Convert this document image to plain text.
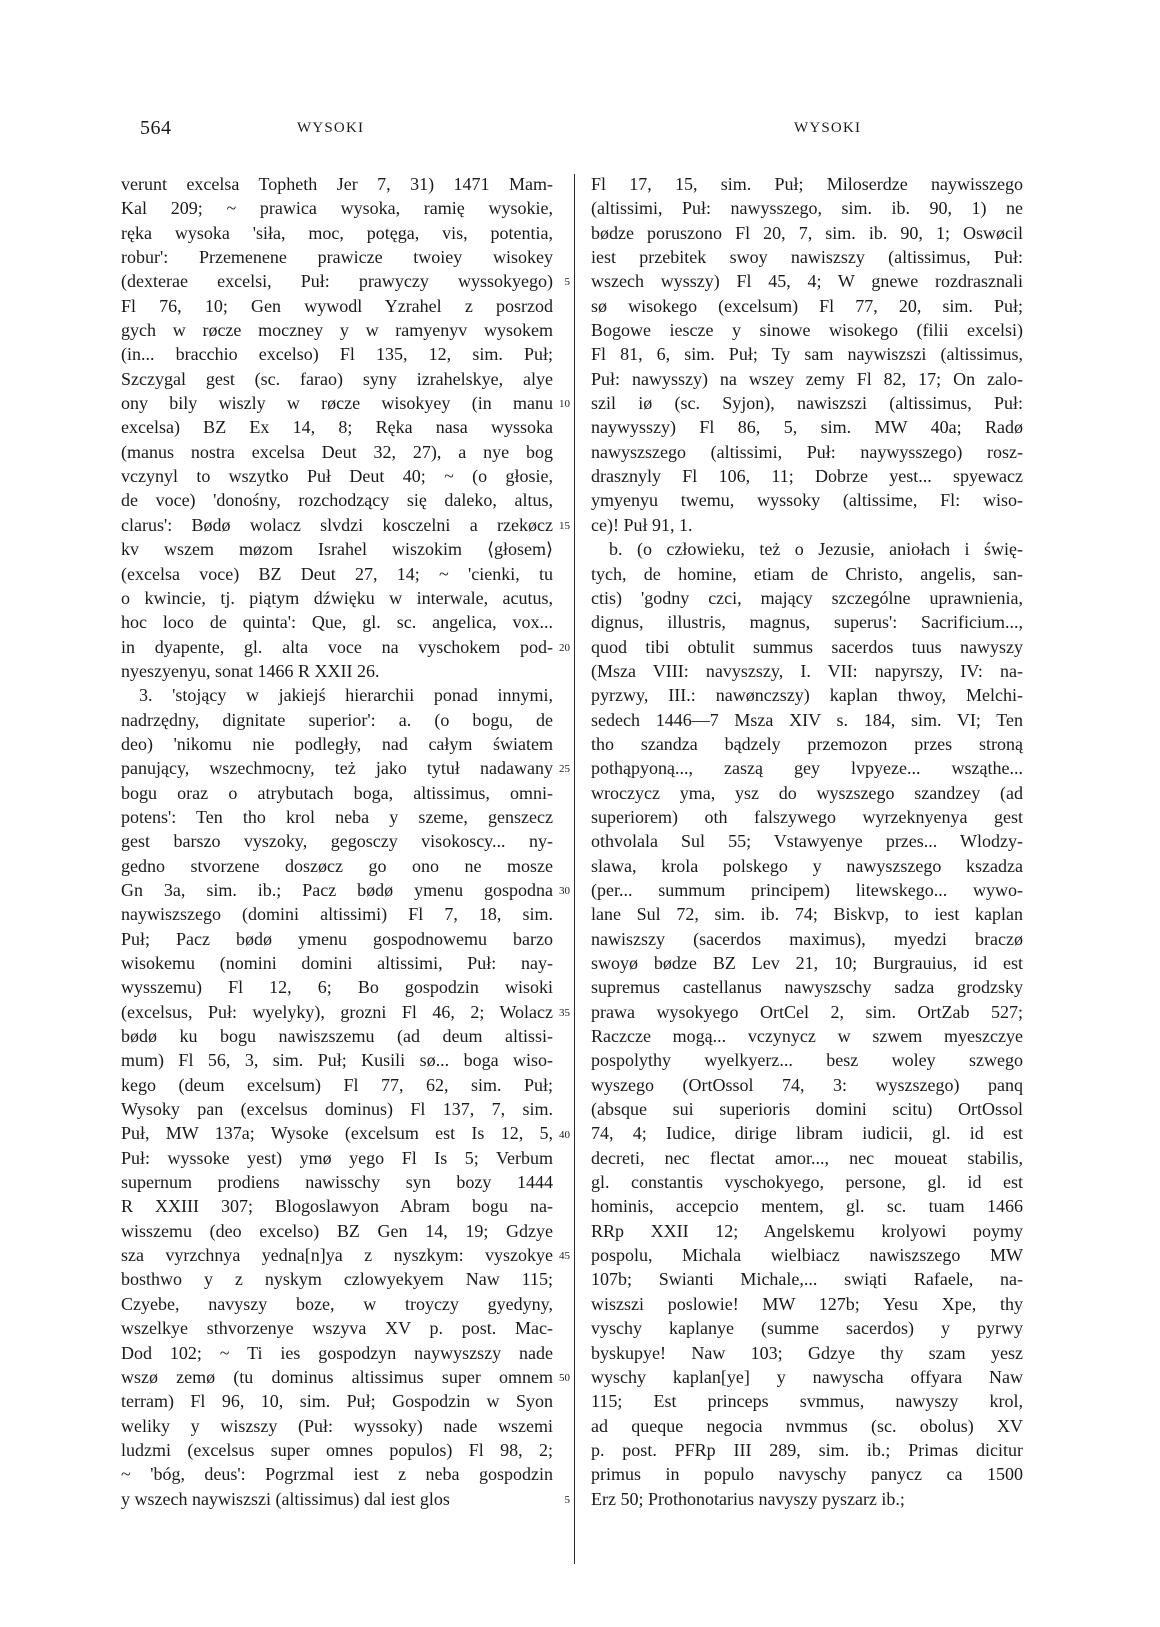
564	WYSOKI	WYSOKI
verunt excelsa Topheth Jer 7, 31) 1471 Mam-
Kal 209; ~ prawica wysoka, ramię wysokie,
ręka wysoka 'siła, moc, potęga, vis, potentia,
robur': Przemenene prawicze twoiey wisokey
(dexterae excelsi, Puł: prawyczy wyssokyego)
Fl 76, 10; Gen wywodl Yzrahel z posrzod
gych w røcze moczney y w ramyenyv wysokem
(in... bracchio excelso) Fl 135, 12, sim. Puł;
Szczygal gest (sc. farao) syny izrahelskye, alye
ony bily wiszly w røcze wisokyey (in manu
excelsa) BZ Ex 14, 8; Ręka nasa wyssoka
(manus nostra excelsa Deut 32, 27), a nye bog
vczynyl to wszytko Puł Deut 40; ~ (o głosie,
de voce) 'donośny, rozchodzący się daleko, altus,
clarus': Bødø wolacz slvdzi kosczelni a rzekøcz
kv wszem møzom Israhel wiszokim ⟨głosem⟩
(excelsa voce) BZ Deut 27, 14; ~ 'cienki, tu
o kwincie, tj. piątym dźwięku w interwale, acutus,
hoc loco de quinta': Que, gl. sc. angelica, vox...
in dyapente, gl. alta voce na vyschokem pod-
nyeszyenyu, sonat 1466 R XXII 26.
3. 'stojący w jakiejś hierarchii ponad innymi,
nadrzędny, dignitate superior': a. (o bogu, de
deo) 'nikomu nie podległy, nad całym światem
panujący, wszechmocny, też jako tytuł nadawany
bogu oraz o atrybutach boga, altissimus, omni-
potens': Ten tho krol neba y szeme, genszecz
gest barszo vyszoky, gegosczy visokoscy... ny-
gedno stvorzene doszøcz go ono ne mosze
Gn 3a, sim. ib.; Pacz bødø ymenu gospodna
naywiszszego (domini altissimi) Fl 7, 18, sim.
Puł; Pacz bødø ymenu gospodnowemu barzo
wisokemu (nomini domini altissimi, Puł: nay-
wysszemu) Fl 12, 6; Bo gospodzin wisoki
(excelsus, Puł: wyelyky), grozni Fl 46, 2; Wolacz
bødø ku bogu nawiszszemu (ad deum altissi-
mum) Fl 56, 3, sim. Puł; Kusili sø... boga wiso-
kego (deum excelsum) Fl 77, 62, sim. Puł;
Wysoky pan (excelsus dominus) Fl 137, 7, sim.
Puł, MW 137a; Wysoke (excelsum est Is 12, 5,
Puł: wyssoke yest) ymø yego Fl Is 5; Verbum
supernum prodiens nawisschy syn bozy 1444
R XXIII 307; Blogoslawyon Abram bogu na-
wisszemu (deo excelso) BZ Gen 14, 19; Gdzye
sza vyrzchnya yedna[n]ya z nyszkym: vyszokye
bosthwo y z nyskym czlowyekyem Naw 115;
Czyebe, navyszy boze, w troyczy gyedyny,
wszelkye sthvorzenye wszyva XV p. post. Mac-
Dod 102; ~ Ti ies gospodzyn naywyszszy nade
wszø zemø (tu dominus altissimus super omnem
terram) Fl 96, 10, sim. Puł; Gospodzin w Syon
weliky y wiszszy (Puł: wyssoky) nade wszemi
ludzmi (excelsus super omnes populos) Fl 98, 2;
~ 'bóg, deus': Pogrzmal iest z neba gospodzin
y wszech naywiszszi (altissimus) dal iest glos
5
10
15
20
25
30
35
40
45
50
5
Fl 17, 15, sim. Puł; Miloserdze naywisszego
(altissimi, Puł: nawysszego, sim. ib. 90, 1) ne
bødze poruszono Fl 20, 7, sim. ib. 90, 1; Oswøcil
iest przebitek swoy nawiszszy (altissimus, Puł:
wszech wysszy) Fl 45, 4; W gnewe rozdrasznali
sø wisokego (excelsum) Fl 77, 20, sim. Puł;
Bogowe iescze y sinowe wisokego (filii excelsi)
Fl 81, 6, sim. Puł; Ty sam naywiszszi (altissimus,
Puł: nawysszy) na wszey zemy Fl 82, 17; On zalo-
szil iø (sc. Syjon), nawiszszi (altissimus, Puł:
naywysszy) Fl 86, 5, sim. MW 40a; Radø
nawyszszego (altissimi, Puł: naywysszego) rosz-
drasznyly Fl 106, 11; Dobrze yest... spyewacz
ymyenyu twemu, wyssoky (altissime, Fl: wiso-
ce)! Puł 91, 1.
b. (o człowieku, też o Jezusie, aniołach i świę-
tych, de homine, etiam de Christo, angelis, san-
ctis) 'godny czci, mający szczególne uprawnienia,
dignus, illustris, magnus, superus': Sacrificium...,
quod tibi obtulit summus sacerdos tuus nawyszy
(Msza VIII: navyszszy, I. VII: napyrszy, IV: na-
pyrzwy, III.: nawønczszy) kaplan thwoy, Melchi-
sedech 1446—7 Msza XIV s. 184, sim. VI; Ten
tho szandza bądzely przemozon przes stroną
pothąpyoną..., zaszą gey lvpyeze... wsząthe...
wroczycz yma, ysz do wyszszego szandzey (ad
superiorem) oth falszywego wyrzeknyenya gest
othvolala Sul 55; Vstawyenye przes... Wlodzy-
slawa, krola polskego y nawyszszego kszadza
(per... summum principem) litewskego... wywo-
lane Sul 72, sim. ib. 74; Biskvp, to iest kaplan
nawiszszy (sacerdos maximus), myedzi braczø
swoyø bødze BZ Lev 21, 10; Burgrauius, id est
supremus castellanus nawyszschy sadza grodzsky
prawa wysokyego OrtCel 2, sim. OrtZab 527;
Raczcze mogą... vczynycz w szwem myeszczye
pospolythy wyelkyerz... besz woley szwego
wyszego (OrtOssol 74, 3: wyszszego) panq
(absque sui superioris domini scitu) OrtOssol
74, 4; Iudice, dirige libram iudicii, gl. id est
decreti, nec flectat amor..., nec moueat stabilis,
gl. constantis vyschokyego, persone, gl. id est
hominis, accepcio mentem, gl. sc. tuam 1466
RRp XXII 12; Angelskemu krolyowi poymy
pospolu, Michala wielbiacz nawiszszego MW
107b; Swianti Michale,... swiąti Rafaele, na-
wiszszi poslowie! MW 127b; Yesu Xpe, thy
vyschy kaplanye (summe sacerdos) y pyrwy
byskupye! Naw 103; Gdzye thy szam yesz
wyschy kaplan[ye] y nawyscha offyara Naw
115; Est princeps svmmus, nawyszy krol,
ad queque negocia nvmmus (sc. obolus) XV
p. post. PFRp III 289, sim. ib.; Primas dicitur
primus in populo navyschy panycz ca 1500
Erz 50; Prothonotarius navyszy pyszarz ib.;
